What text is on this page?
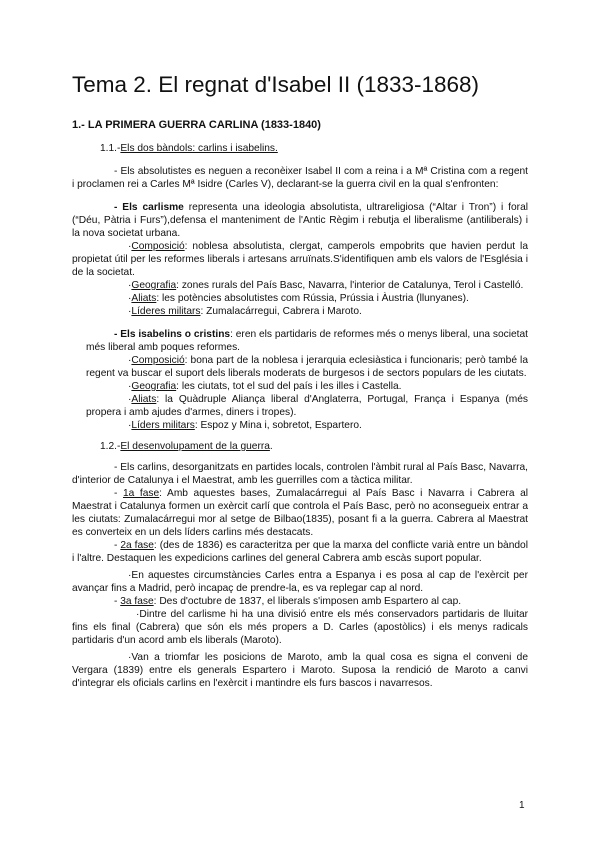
Tema 2. El regnat d'Isabel II (1833-1868)
1.- LA PRIMERA GUERRA CARLINA (1833-1840)

1.1.-Els dos bàndols: carlins i isabelins.

- Els absolutistes es neguen a reconèixer Isabel II com a reina i a Mª Cristina com a regent i proclamen rei a Carles Mª Isidre (Carles V), declarant-se la guerra civil en la qual s'enfronten:

- Els carlisme representa una ideologia absolutista, ultrareligiosa (“Altar i Tron”) i foral (“Déu, Pàtria i Furs”),defensa el manteniment de l'Antic Règim i rebutja el liberalisme (antiliberals) i la nova societat urbana.

·Composició: noblesa absolutista, clergat, camperols empobrits que havien perdut la propietat útil per les reformes liberals i artesans arruïnats.S'identifiquen amb els valors de l'Església i de la societat.

·Geografia: zones rurals del País Basc, Navarra, l'interior de Catalunya, Terol i Castelló.

·Aliats: les potències absolutistes com Rússia, Prússia i Àustria (llunyanes).

·Líderes militars: Zumalacárregui, Cabrera i Maroto.

- Els isabelins o cristins: eren els partidaris de reformes més o menys liberal, una societat més liberal amb poques reformes.

·Composició: bona part de la noblesa i jerarquia eclesiàstica i funcionaris; però també la regent va buscar el suport dels liberals moderats de burgesos i de sectors populars de les ciutats.

·Geografia: les ciutats, tot el sud del país i les illes i Castella.

·Aliats: la Quàdruple Aliança liberal d'Anglaterra, Portugal, França i Espanya (més propera i amb ajudes d'armes, diners i tropes).

·Líders militars: Espoz y Mina i, sobretot, Espartero.

1.2.-El desenvolupament de la guerra.

- Els carlins, desorganitzats en partides locals, controlen l'àmbit rural al País Basc, Navarra, d'interior de Catalunya i el Maestrat, amb les guerrilles com a tàctica militar.

- 1a fase: Amb aquestes bases, Zumalacárregui al País Basc i Navarra i Cabrera al Maestrat i Catalunya formen un exèrcit carlí que controla el País Basc, però no aconsegueix entrar a les ciutats: Zumalacárregui mor al setge de Bilbao(1835), posant fi a la guerra. Cabrera al Maestrat es converteix en un dels líders carlins més destacats.

- 2a fase: (des de 1836) es caracteritza per que la marxa del conflicte varià entre un bàndol i l'altre. Destaquen les expedicions carlines del general Cabrera amb escàs suport popular.

·En aquestes circumstàncies Carles entra a Espanya i es posa al cap de l'exèrcit per avançar fins a Madrid, però incapaç de prendre-la, es va replegar cap al nord.

- 3a fase: Des d'octubre de 1837, el liberals s'imposen amb Espartero al cap.

·Dintre del carlisme hi ha una divisió entre els més conservadors partidaris de lluitar fins els final (Cabrera) que són els més propers a D. Carles (apostòlics) i els menys radicals partidaris d'un acord amb els liberals (Maroto).

·Van a triomfar les posicions de Maroto, amb la qual cosa es signa el conveni de Vergara (1839) entre els generals Espartero i Maroto. Suposa la rendició de Maroto a canvi d'integrar els oficials carlins en l'exèrcit i mantindre els furs bascos i navarresos.

1
